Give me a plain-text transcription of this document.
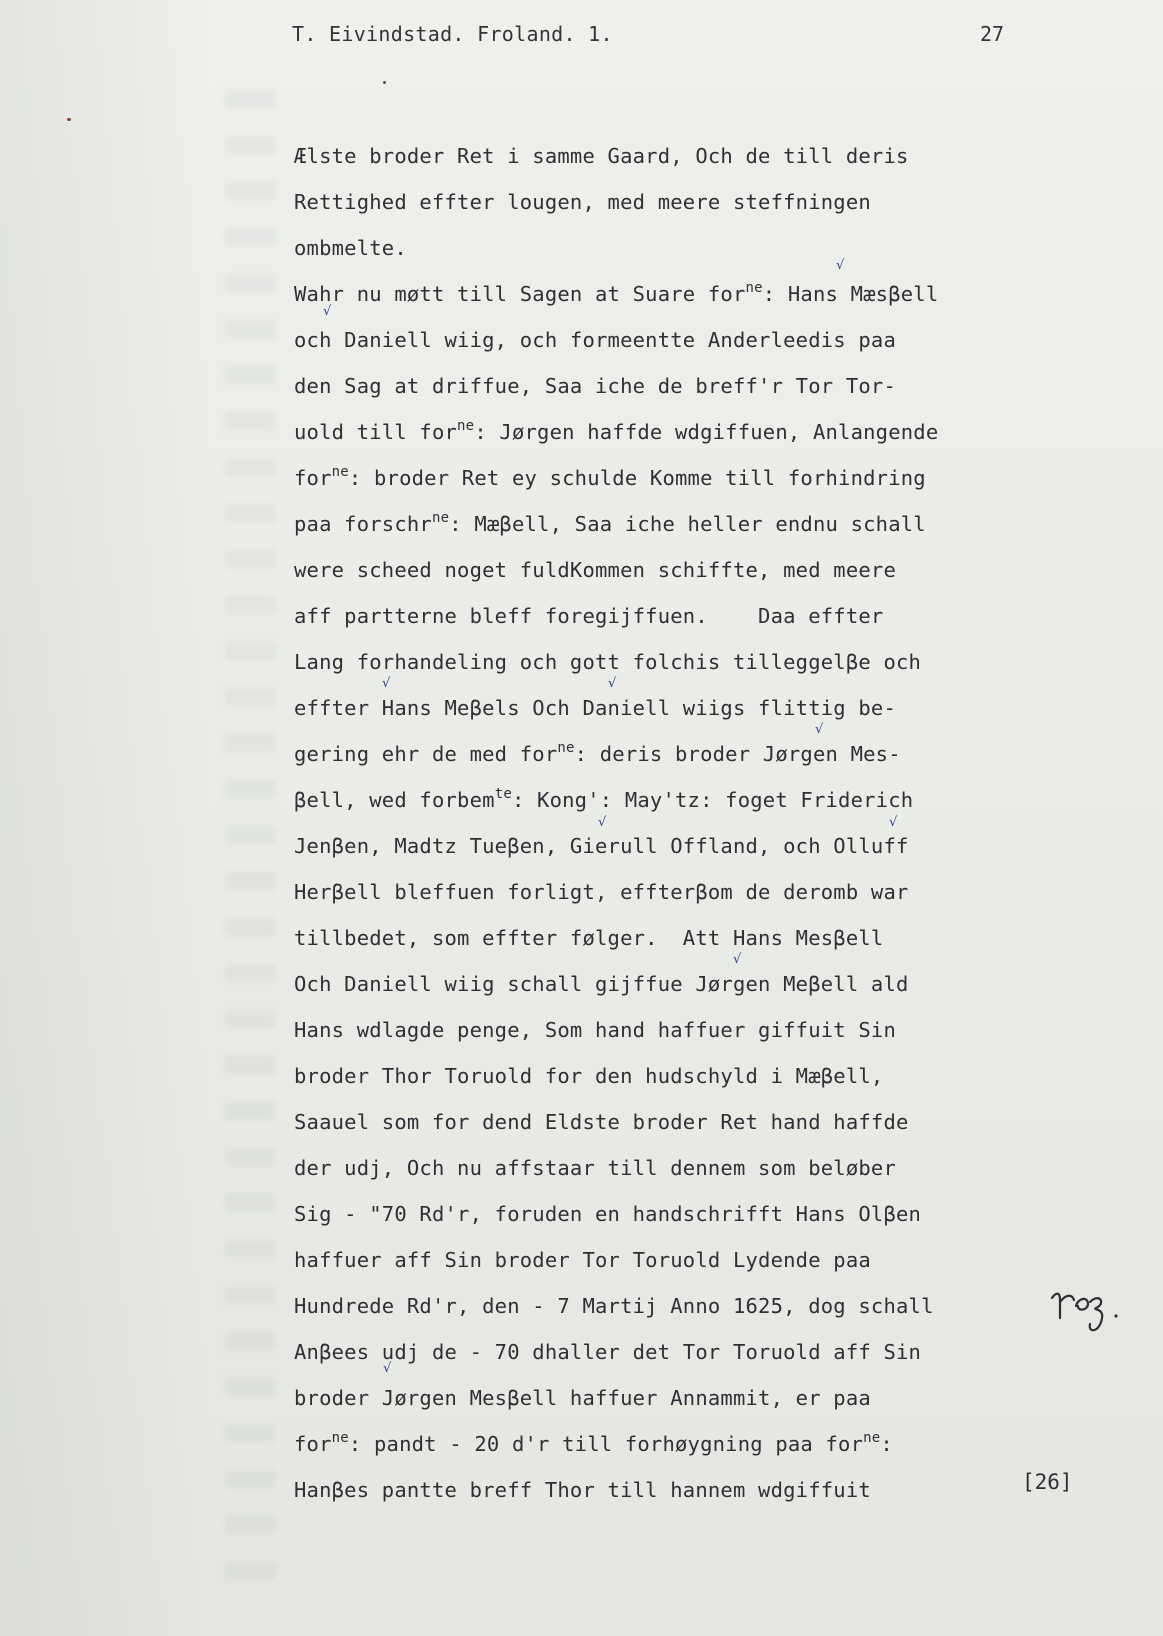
T. Eivindstad. Froland. 1.	27
Ælste broder Ret i samme Gaard, Och de till deris
Rettighed effter lougen, med meere steffningen
ombmelte.
Wahr nu møtt till Sagen at Suare for$^{ne}$: Hans Mæsβell
och Daniell wiig, och formeentte Anderleedis paa
den Sag at driffue, Saa iche de breff'r Tor Tor-
uold till for$^{ne}$: Jørgen haffde wdgiffuen, Anlangende
for$^{ne}$: broder Ret ey schulde Komme till forhindring
paa forschr$^{ne}$: Mæβell, Saa iche heller endnu schall
were scheed noget fuldKommen schiffte, med meere
aff partterne bleff foregijffuen.    Daa effter
Lang forhandeling och gott folchis tilleggelβe och
effter Hans Meβels Och Daniell wiigs flittig be-
gering ehr de med for$^{ne}$: deris broder Jørgen Mes-
βell, wed forbem$^{te}$: Kong': May'tz: foget Friderich
Jenβen, Madtz Tueβen, Gierull Offland, och Olluff
Herβell bleffuen forligt, effterβom de deromb war
tillbedet, som effter følger.  Att Hans Mesβell
Och Daniell wiig schall gijffue Jørgen Meβell ald
Hans wdlagde penge, Som hand haffuer giffuit Sin
broder Thor Toruold for den hudschyld i Mæβell,
Saauel som for dend Eldste broder Ret hand haffde
der udj, Och nu affstaar till dennem som beløber
Sig - "70 Rd'r, foruden en handschrifft Hans Olβen
haffuer aff Sin broder Tor Toruold Lydende paa
Hundrede Rd'r, den - 7 Martij Anno 1625, dog schall
Anβees udj de - 70 dhaller det Tor Toruold aff Sin
broder Jørgen Mesβell haffuer Annammit, er paa
for$^{ne}$: pandt - 20 d'r till forhøygning paa for$^{ne}$:
Hanβes pantte breff Thor till hannem wdgiffuit	[26]
√
√
√	√
√
√	√
√
√
